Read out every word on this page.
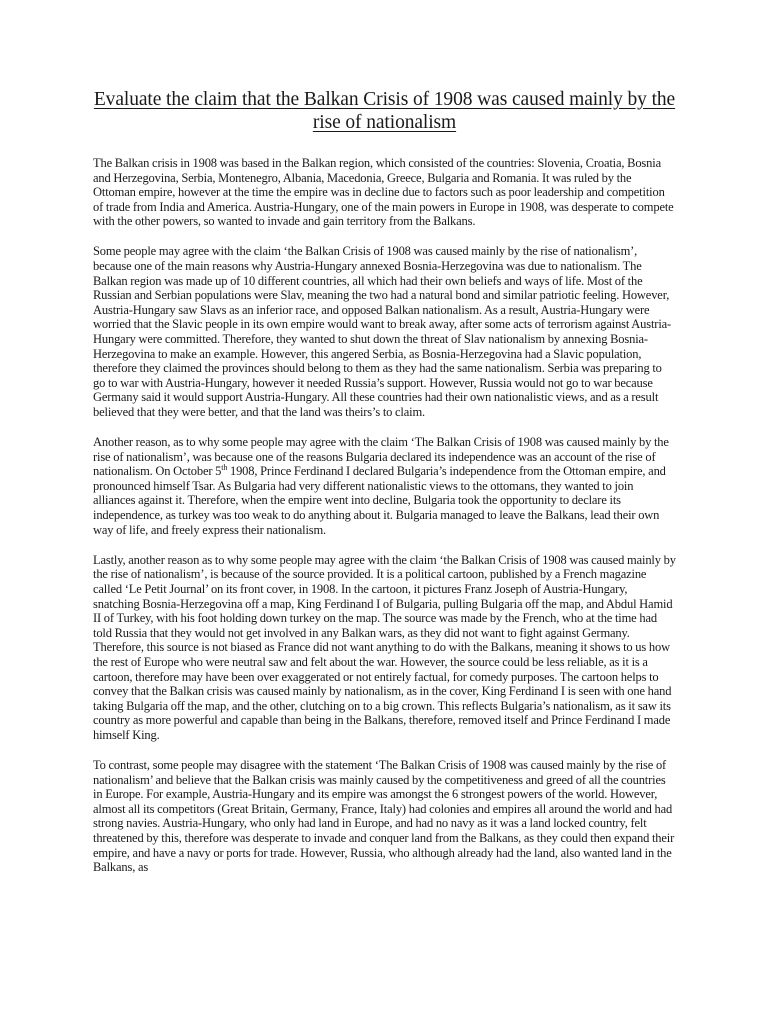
Evaluate the claim that the Balkan Crisis of 1908 was caused mainly by the rise of nationalism

The Balkan crisis in 1908 was based in the Balkan region, which consisted of the countries: Slovenia, Croatia, Bosnia and Herzegovina, Serbia, Montenegro, Albania, Macedonia, Greece, Bulgaria and Romania. It was ruled by the Ottoman empire, however at the time the empire was in decline due to factors such as poor leadership and competition of trade from India and America. Austria-Hungary, one of the main powers in Europe in 1908, was desperate to compete with the other powers, so wanted to invade and gain territory from the Balkans.

Some people may agree with the claim ‘the Balkan Crisis of 1908 was caused mainly by the rise of nationalism’, because one of the main reasons why Austria-Hungary annexed Bosnia-Herzegovina was due to nationalism. The Balkan region was made up of 10 different countries, all which had their own beliefs and ways of life. Most of the Russian and Serbian populations were Slav, meaning the two had a natural bond and similar patriotic feeling. However, Austria-Hungary saw Slavs as an inferior race, and opposed Balkan nationalism. As a result, Austria-Hungary were worried that the Slavic people in its own empire would want to break away, after some acts of terrorism against Austria-Hungary were committed. Therefore, they wanted to shut down the threat of Slav nationalism by annexing Bosnia-Herzegovina to make an example. However, this angered Serbia, as Bosnia-Herzegovina had a Slavic population, therefore they claimed the provinces should belong to them as they had the same nationalism. Serbia was preparing to go to war with Austria-Hungary, however it needed Russia’s support. However, Russia would not go to war because Germany said it would support Austria-Hungary. All these countries had their own nationalistic views, and as a result believed that they were better, and that the land was theirs’s to claim.

Another reason, as to why some people may agree with the claim ‘The Balkan Crisis of 1908 was caused mainly by the rise of nationalism’, was because one of the reasons Bulgaria declared its independence was an account of the rise of nationalism. On October 5th 1908, Prince Ferdinand I declared Bulgaria’s independence from the Ottoman empire, and pronounced himself Tsar. As Bulgaria had very different nationalistic views to the ottomans, they wanted to join alliances against it. Therefore, when the empire went into decline, Bulgaria took the opportunity to declare its independence, as turkey was too weak to do anything about it. Bulgaria managed to leave the Balkans, lead their own way of life, and freely express their nationalism.

Lastly, another reason as to why some people may agree with the claim ‘the Balkan Crisis of 1908 was caused mainly by the rise of nationalism’, is because of the source provided. It is a political cartoon, published by a French magazine called ‘Le Petit Journal’ on its front cover, in 1908. In the cartoon, it pictures Franz Joseph of Austria-Hungary, snatching Bosnia-Herzegovina off a map, King Ferdinand I of Bulgaria, pulling Bulgaria off the map, and Abdul Hamid II of Turkey, with his foot holding down turkey on the map. The source was made by the French, who at the time had told Russia that they would not get involved in any Balkan wars, as they did not want to fight against Germany. Therefore, this source is not biased as France did not want anything to do with the Balkans, meaning it shows to us how the rest of Europe who were neutral saw and felt about the war. However, the source could be less reliable, as it is a cartoon, therefore may have been over exaggerated or not entirely factual, for comedy purposes. The cartoon helps to convey that the Balkan crisis was caused mainly by nationalism, as in the cover, King Ferdinand I is seen with one hand taking Bulgaria off the map, and the other, clutching on to a big crown. This reflects Bulgaria’s nationalism, as it saw its country as more powerful and capable than being in the Balkans, therefore, removed itself and Prince Ferdinand I made himself King.

To contrast, some people may disagree with the statement ‘The Balkan Crisis of 1908 was caused mainly by the rise of nationalism’ and believe that the Balkan crisis was mainly caused by the competitiveness and greed of all the countries in Europe. For example, Austria-Hungary and its empire was amongst the 6 strongest powers of the world. However, almost all its competitors (Great Britain, Germany, France, Italy) had colonies and empires all around the world and had strong navies. Austria-Hungary, who only had land in Europe, and had no navy as it was a land locked country, felt threatened by this, therefore was desperate to invade and conquer land from the Balkans, as they could then expand their empire, and have a navy or ports for trade. However, Russia, who although already had the land, also wanted land in the Balkans, as
